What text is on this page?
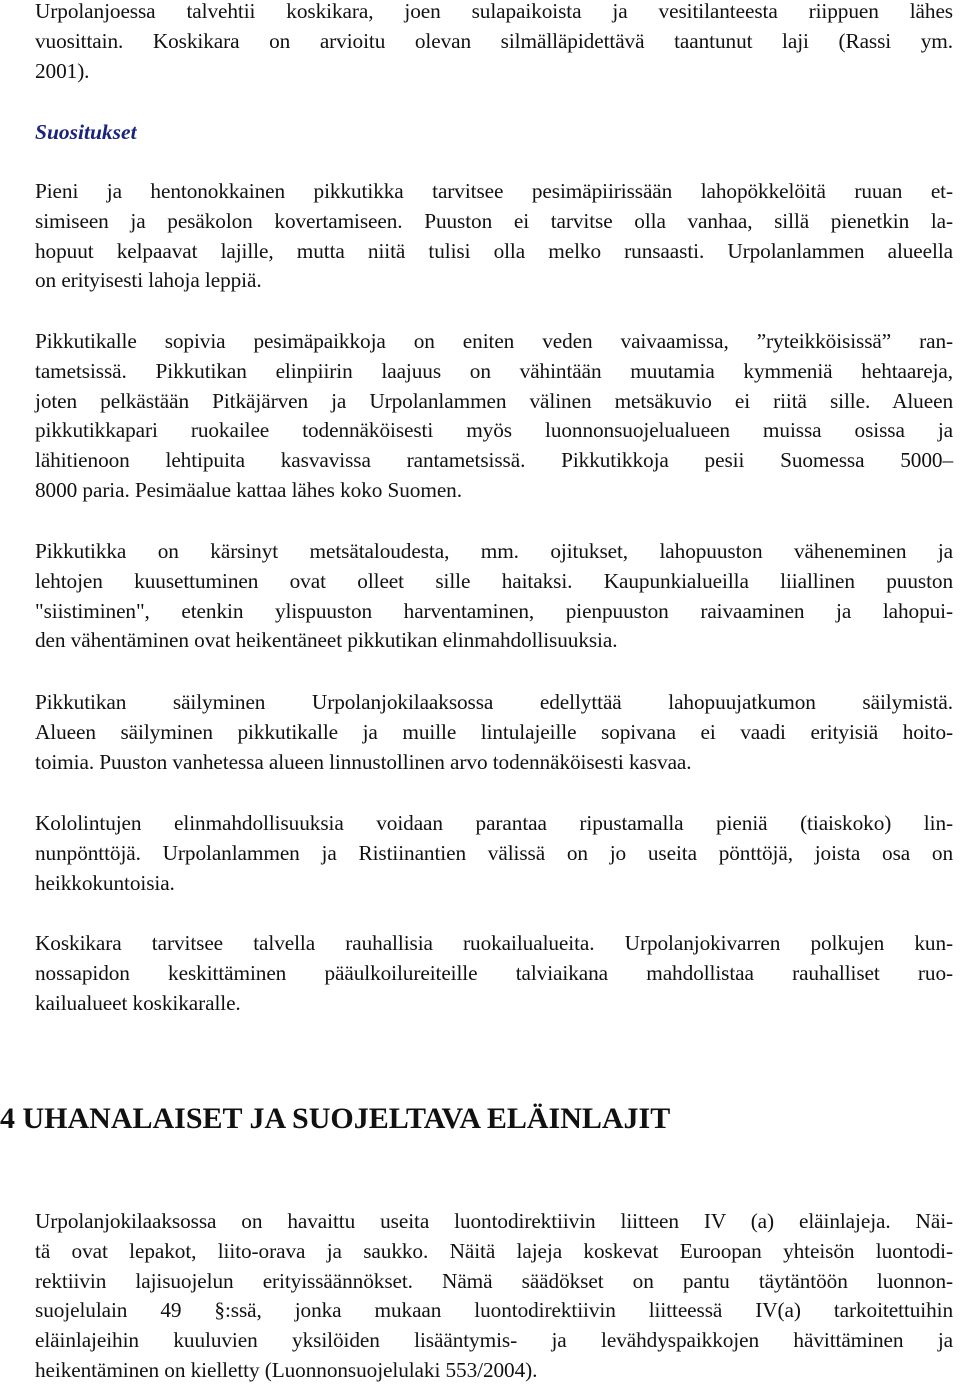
Urpolanjoessa talvehtii koskikara, joen sulapaikoista ja vesitilanteesta riippuen lähes
vuosittain. Koskikara on arvioitu olevan silmälläpidettävä taantunut laji (Rassi ym.
2001).

Suositukset

Pieni ja hentonokkainen pikkutikka tarvitsee pesimäpiirissään lahopökkelöitä ruuan et-
simiseen ja pesäkolon kovertamiseen. Puuston ei tarvitse olla vanhaa, sillä pienetkin la-
hopuut kelpaavat lajille, mutta niitä tulisi olla melko runsaasti. Urpolanlammen alueella
on erityisesti lahoja leppiä.

Pikkutikalle sopivia pesimäpaikkoja on eniten veden vaivaamissa, ”ryteikköisissä” ran-
tametsissä. Pikkutikan elinpiirin laajuus on vähintään muutamia kymmeniä hehtaareja,
joten pelkästään Pitkäjärven ja Urpolanlammen välinen metsäkuvio ei riitä sille. Alueen
pikkutikkapari ruokailee todennäköisesti myös luonnonsuojelualueen muissa osissa ja
lähitienoon lehtipuita kasvavissa rantametsissä. Pikkutikkoja pesii Suomessa 5000–
8000 paria. Pesimäalue kattaa lähes koko Suomen.

Pikkutikka on kärsinyt metsätaloudesta, mm. ojitukset, lahopuuston väheneminen ja
lehtojen kuusettuminen ovat olleet sille haitaksi. Kaupunkialueilla liiallinen puuston
"siistiminen", etenkin ylispuuston harventaminen, pienpuuston raivaaminen ja lahopui-
den vähentäminen ovat heikentäneet pikkutikan elinmahdollisuuksia.

Pikkutikan säilyminen Urpolanjokilaaksossa edellyttää lahopuujatkumon säilymistä.
Alueen säilyminen pikkutikalle ja muille lintulajeille sopivana ei vaadi erityisiä hoito-
toimia. Puuston vanhetessa alueen linnustollinen arvo todennäköisesti kasvaa.

Kololintujen elinmahdollisuuksia voidaan parantaa ripustamalla pieniä (tiaiskoko) lin-
nunpönttöjä. Urpolanlammen ja Ristiinantien välissä on jo useita pönttöjä, joista osa on
heikkokuntoisia.

Koskikara tarvitsee talvella rauhallisia ruokailualueita. Urpolanjokivarren polkujen kun-
nossapidon keskittäminen pääulkoilureiteille talviaikana mahdollistaa rauhalliset ruo-
kailualueet koskikaralle.

4 UHANALAISET JA SUOJELTAVA ELÄINLAJIT

Urpolanjokilaaksossa on havaittu useita luontodirektiivin liitteen IV (a) eläinlajeja. Näi-
tä ovat lepakot, liito-orava ja saukko. Näitä lajeja koskevat Euroopan yhteisön luontodi-
rektiivin lajisuojelun erityissäännökset. Nämä säädökset on pantu täytäntöön luonnon-
suojelulain 49 §:ssä, jonka mukaan luontodirektiivin liitteessä IV(a) tarkoitettuihin
eläinlajeihin kuuluvien yksilöiden lisääntymis- ja levähdyspaikkojen hävittäminen ja
heikentäminen on kielletty (Luonnonsuojelulaki 553/2004).
